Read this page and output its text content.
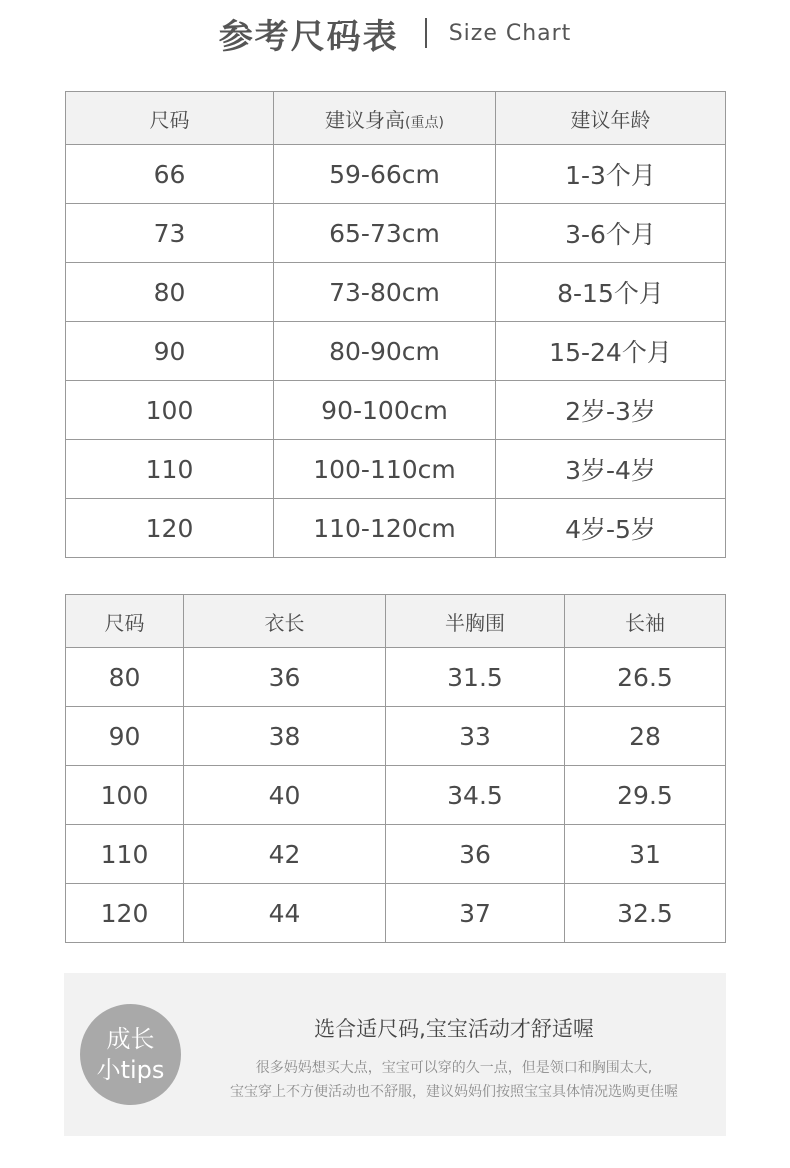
参考尺码表 Size Chart
尺码	建议身高(重点)	建议年龄
66	59-66cm	1-3个月
73	65-73cm	3-6个月
80	73-80cm	8-15个月
90	80-90cm	15-24个月
100	90-100cm	2岁-3岁
110	100-110cm	3岁-4岁
120	110-120cm	4岁-5岁
尺码	衣长	半胸围	长袖
80	36	31.5	26.5
90	38	33	28
100	40	34.5	29.5
110	42	36	31
120	44	37	32.5
成长
小tips
选合适尺码,宝宝活动才舒适喔
很多妈妈想买大点，宝宝可以穿的久一点，但是领口和胸围太大,
宝宝穿上不方便活动也不舒服，建议妈妈们按照宝宝具体情况选购更佳喔
